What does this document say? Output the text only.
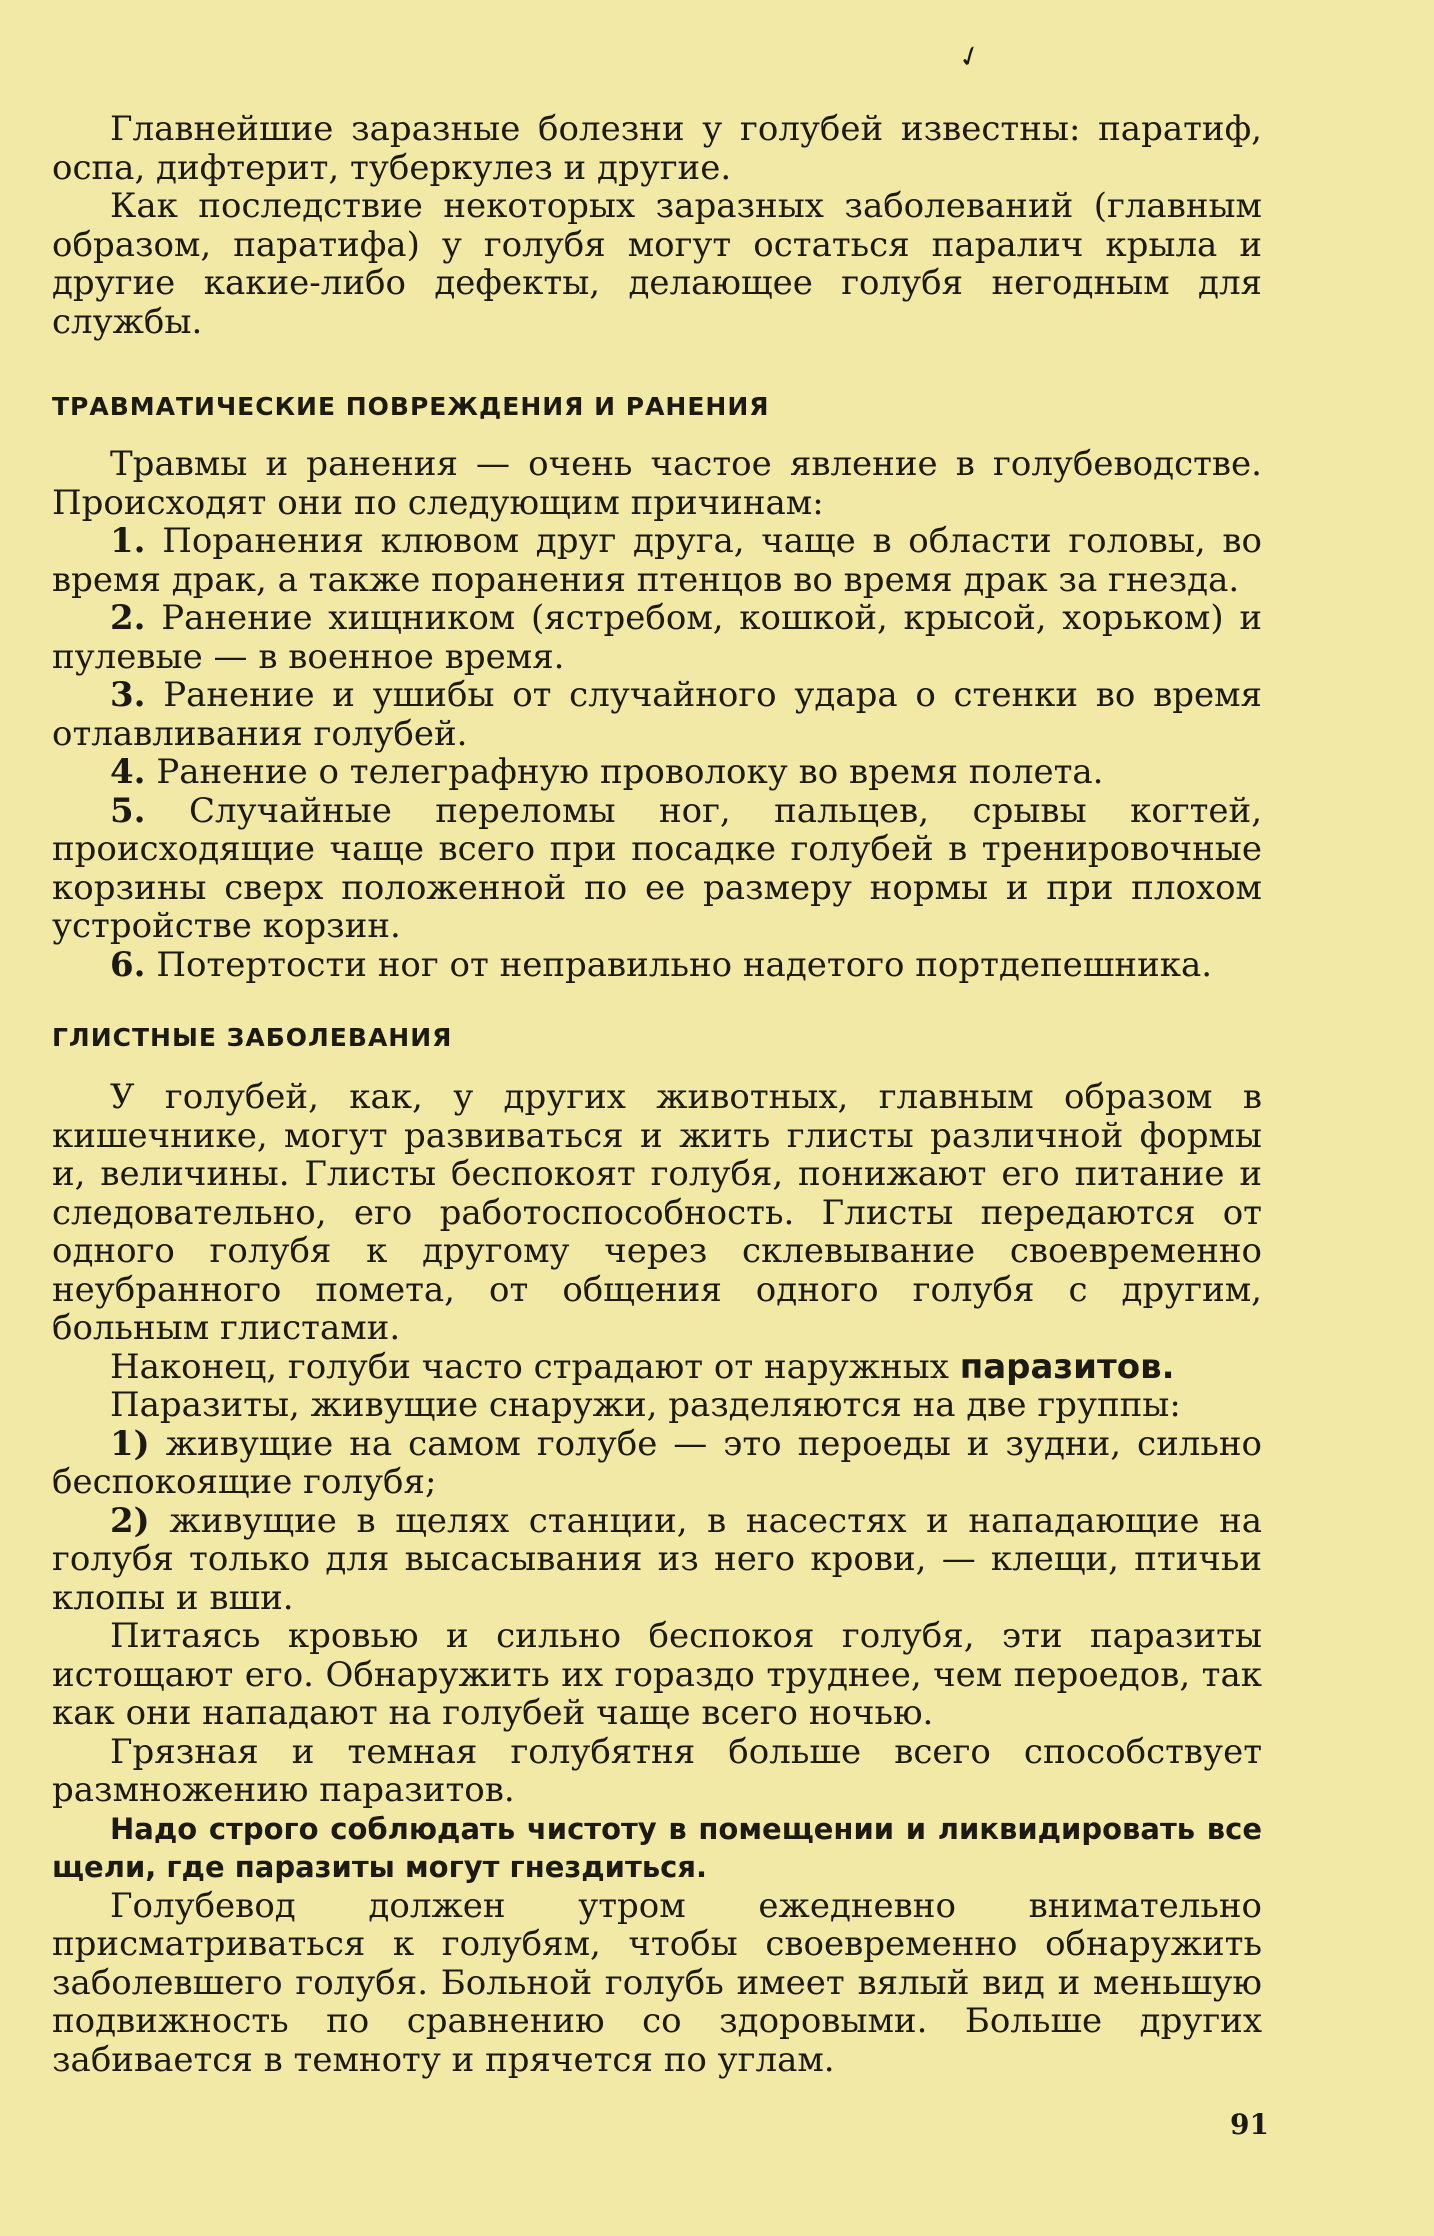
✓

Главнейшие заразные болезни у голубей известны: паратиф, оспа, дифтерит, туберкулез и другие.

Как последствие некоторых заразных заболеваний (главным образом, паратифа) у голубя могут остаться паралич крыла и другие какие-либо дефекты, делающее голубя негодным для службы.

ТРАВМАТИЧЕСКИЕ ПОВРЕЖДЕНИЯ И РАНЕНИЯ

Травмы и ранения — очень частое явление в голубеводстве. Происходят они по следующим причинам:

1. Поранения клювом друг друга, чаще в области головы, во время драк, а также поранения птенцов во время драк за гнезда.

2. Ранение хищником (ястребом, кошкой, крысой, хорьком) и пулевые — в военное время.

3. Ранение и ушибы от случайного удара о стенки во время отлавливания голубей.

4. Ранение о телеграфную проволоку во время полета.

5. Случайные переломы ног, пальцев, срывы когтей, происходящие чаще всего при посадке голубей в тренировочные корзины сверх положенной по ее размеру нормы и при плохом устройстве корзин.

6. Потертости ног от неправильно надетого портдепешника.

ГЛИСТНЫЕ ЗАБОЛЕВАНИЯ

У голубей, как, у других животных, главным образом в кишечнике, могут развиваться и жить глисты различной формы и, величины. Глисты беспокоят голубя, понижают его питание и следовательно, его работоспособность. Глисты передаются от одного голубя к другому через склевывание своевременно неубранного помета, от общения одного голубя с другим, больным глистами.

Наконец, голуби часто страдают от наружных паразитов.

Паразиты, живущие снаружи, разделяются на две группы:

1) живущие на самом голубе — это пероеды и зудни, сильно беспокоящие голубя;

2) живущие в щелях станции, в насестях и нападающие на голубя только для высасывания из него крови, — клещи, птичьи клопы и вши.

Питаясь кровью и сильно беспокоя голубя, эти паразиты истощают его. Обнаружить их гораздо труднее, чем пероедов, так как они нападают на голубей чаще всего ночью.

Грязная и темная голубятня больше всего способствует размножению паразитов.

Надо строго соблюдать чистоту в помещении и ликвидировать все щели, где паразиты могут гнездиться.

Голубевод должен утром ежедневно внимательно присматриваться к голубям, чтобы своевременно обнаружить заболевшего голубя. Больной голубь имеет вялый вид и меньшую подвижность по сравнению со здоровыми. Больше других забивается в темноту и прячется по углам.

91
